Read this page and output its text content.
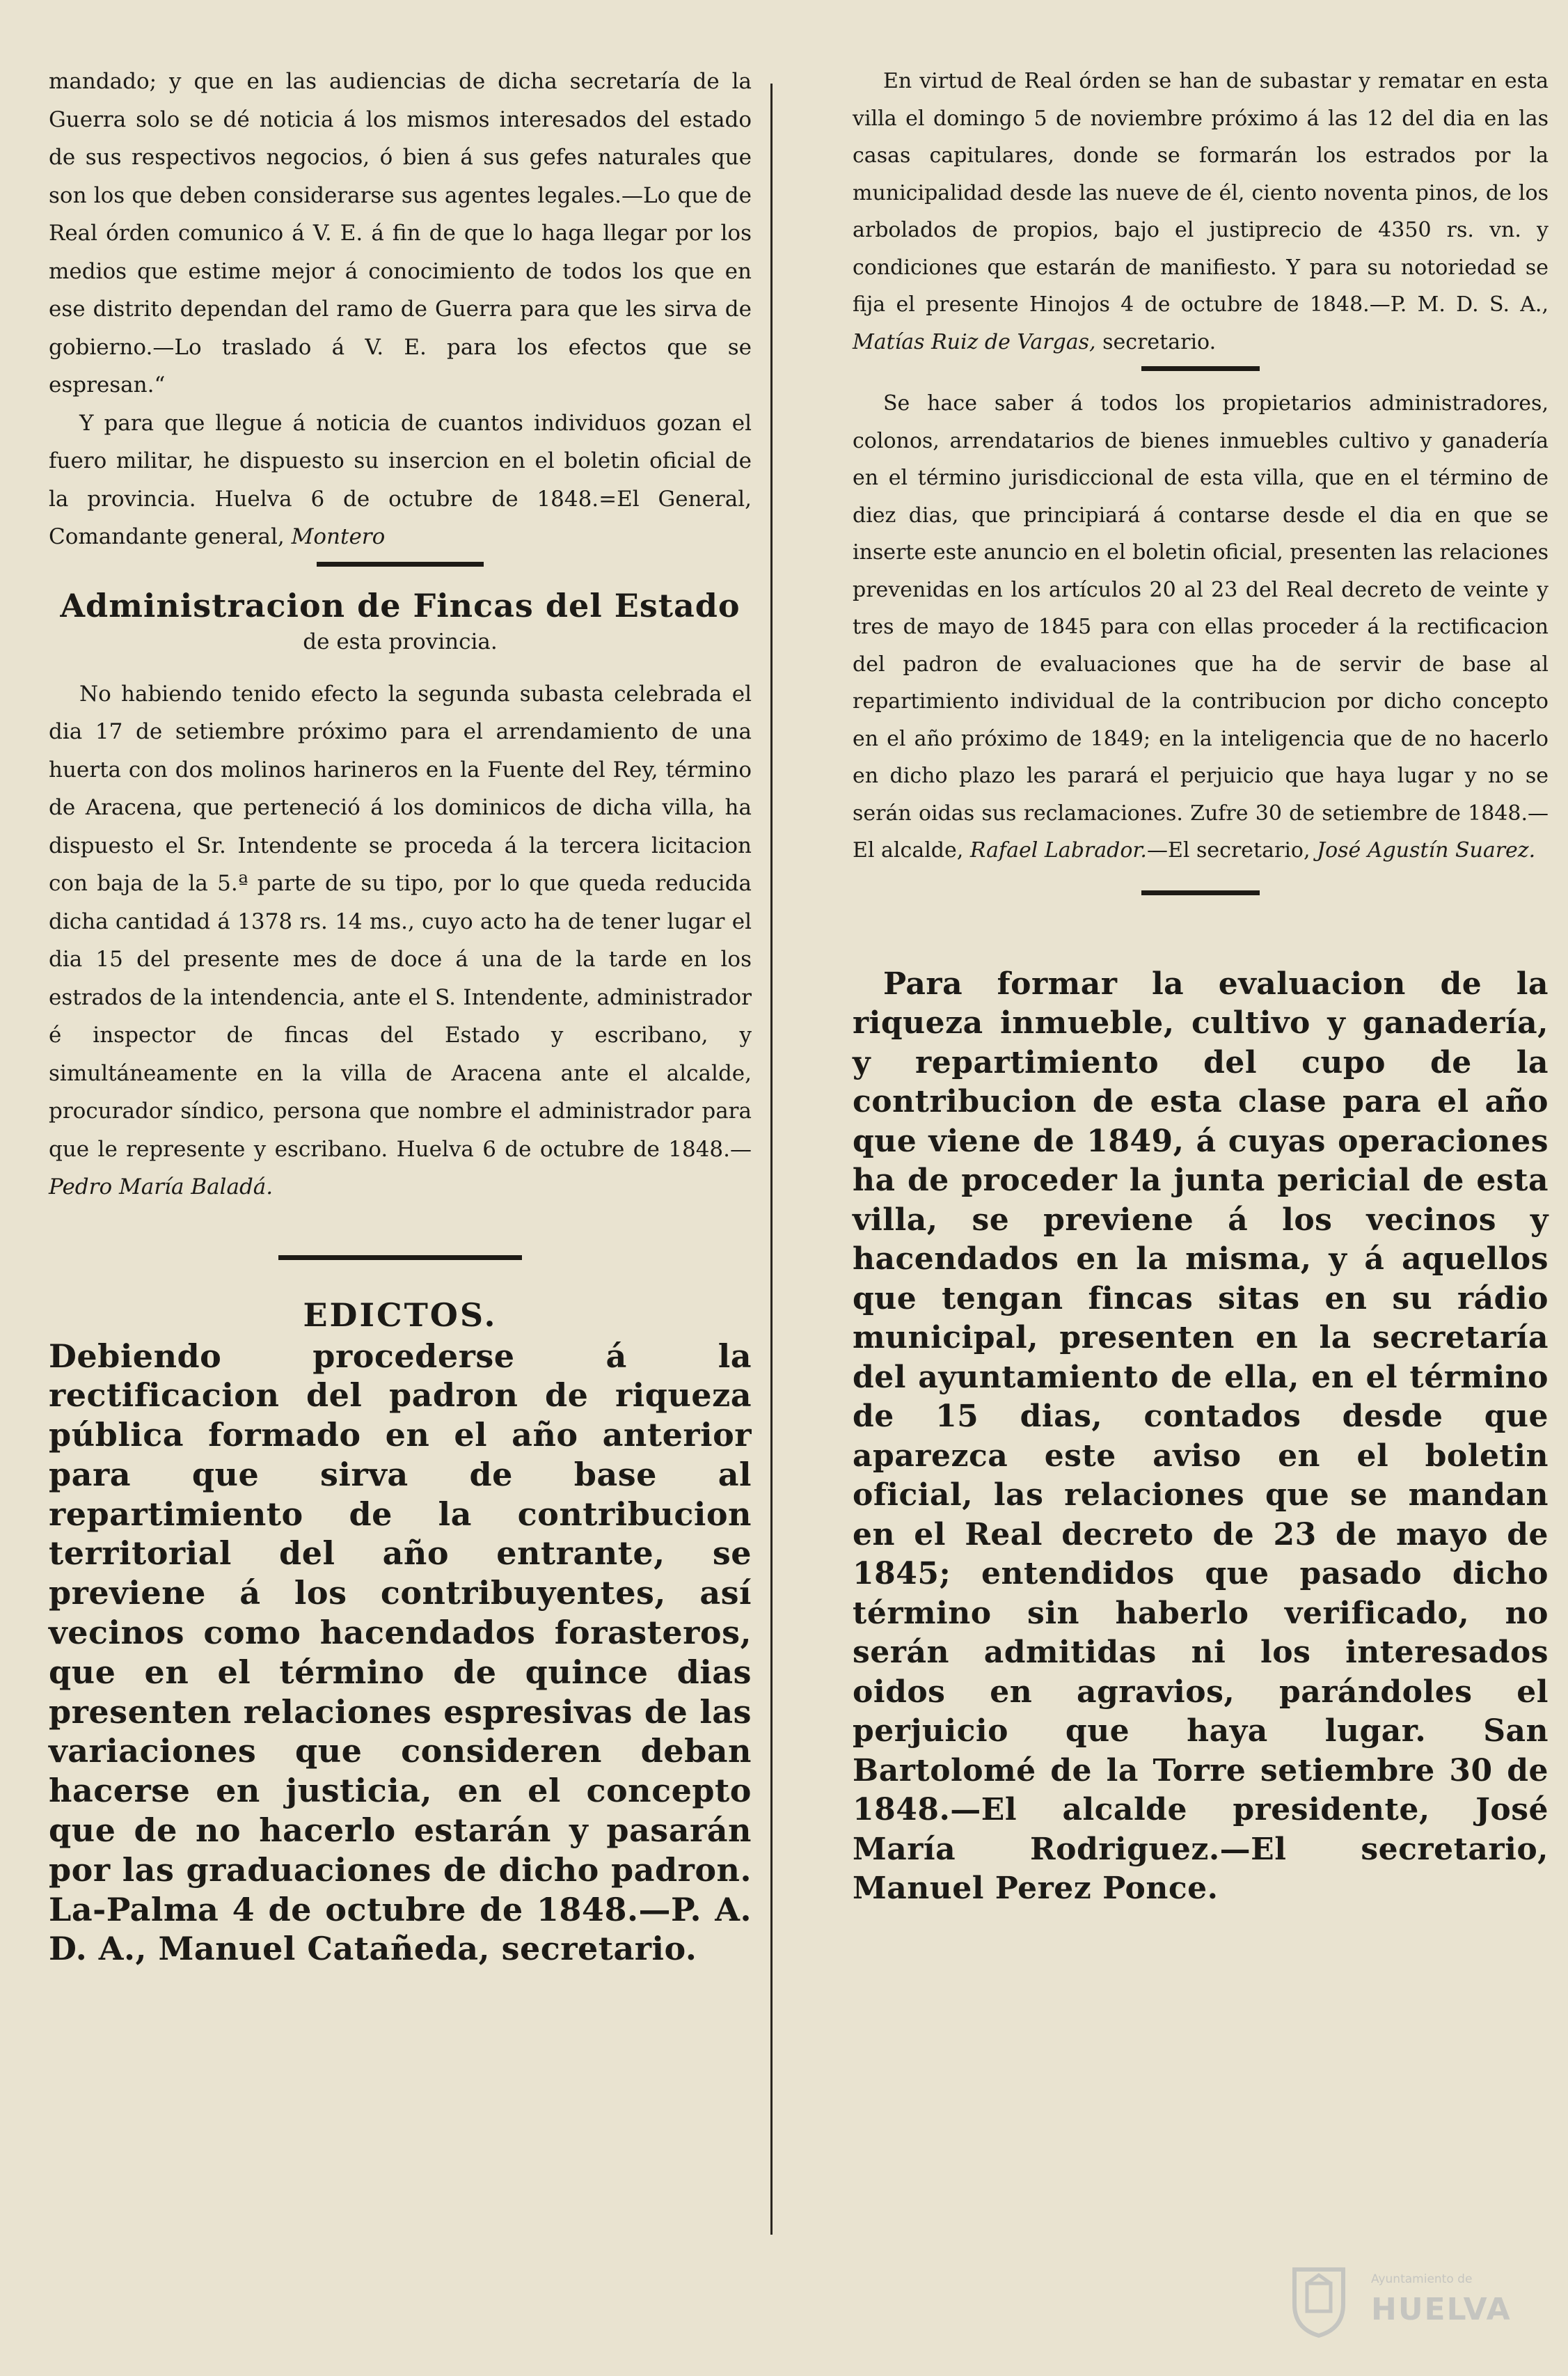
mandado; y que en las audiencias de dicha secretaría de la Guerra solo se dé noticia á los mismos interesados del estado de sus respectivos negocios, ó bien á sus gefes naturales que son los que deben considerarse sus agentes legales.—Lo que de Real órden comunico á V. E. á fin de que lo haga llegar por los medios que estime mejor á conocimiento de todos los que en ese distrito dependan del ramo de Guerra para que les sirva de gobierno.—Lo traslado á V. E. para los efectos que se espresan.“

Y para que llegue á noticia de cuantos individuos gozan el fuero militar, he dispuesto su insercion en el boletin oficial de la provincia. Huelva 6 de octubre de 1848.=El General, Comandante general, Montero

Administracion de Fincas del Estado
de esta provincia.

No habiendo tenido efecto la segunda subasta celebrada el dia 17 de setiembre próximo para el arrendamiento de una huerta con dos molinos harineros en la Fuente del Rey, término de Aracena, que perteneció á los dominicos de dicha villa, ha dispuesto el Sr. Intendente se proceda á la tercera licitacion con baja de la 5.ª parte de su tipo, por lo que queda reducida dicha cantidad á 1378 rs. 14 ms., cuyo acto ha de tener lugar el dia 15 del presente mes de doce á una de la tarde en los estrados de la intendencia, ante el S. Intendente, administrador é inspector de fincas del Estado y escribano, y simultáneamente en la villa de Aracena ante el alcalde, procurador síndico, persona que nombre el administrador para que le represente y escribano. Huelva 6 de octubre de 1848.—Pedro María Baladá.

EDICTOS.

Debiendo procederse á la rectificacion del padron de riqueza pública formado en el año anterior para que sirva de base al repartimiento de la contribucion territorial del año entrante, se previene á los contribuyentes, así vecinos como hacendados forasteros, que en el término de quince dias presenten relaciones espresivas de las variaciones que consideren deban hacerse en justicia, en el concepto que de no hacerlo estarán y pasarán por las graduaciones de dicho padron. La-Palma 4 de octubre de 1848.—P. A. D. A., Manuel Catañeda, secretario.

En virtud de Real órden se han de subastar y rematar en esta villa el domingo 5 de noviembre próximo á las 12 del dia en las casas capitulares, donde se formarán los estrados por la municipalidad desde las nueve de él, ciento noventa pinos, de los arbolados de propios, bajo el justiprecio de 4350 rs. vn. y condiciones que estarán de manifiesto. Y para su notoriedad se fija el presente Hinojos 4 de octubre de 1848.—P. M. D. S. A., Matías Ruiz de Vargas, secretario.

Se hace saber á todos los propietarios administradores, colonos, arrendatarios de bienes inmuebles cultivo y ganadería en el término jurisdiccional de esta villa, que en el término de diez dias, que principiará á contarse desde el dia en que se inserte este anuncio en el boletin oficial, presenten las relaciones prevenidas en los artículos 20 al 23 del Real decreto de veinte y tres de mayo de 1845 para con ellas proceder á la rectificacion del padron de evaluaciones que ha de servir de base al repartimiento individual de la contribucion por dicho concepto en el año próximo de 1849; en la inteligencia que de no hacerlo en dicho plazo les parará el perjuicio que haya lugar y no se serán oidas sus reclamaciones. Zufre 30 de setiembre de 1848.—El alcalde, Rafael Labrador.—El secretario, José Agustín Suarez.

Para formar la evaluacion de la riqueza inmueble, cultivo y ganadería, y repartimiento del cupo de la contribucion de esta clase para el año que viene de 1849, á cuyas operaciones ha de proceder la junta pericial de esta villa, se previene á los vecinos y hacendados en la misma, y á aquellos que tengan fincas sitas en su rádio municipal, presenten en la secretaría del ayuntamiento de ella, en el término de 15 dias, contados desde que aparezca este aviso en el boletin oficial, las relaciones que se mandan en el Real decreto de 23 de mayo de 1845; entendidos que pasado dicho término sin haberlo verificado, no serán admitidas ni los interesados oidos en agravios, parándoles el perjuicio que haya lugar. San Bartolomé de la Torre setiembre 30 de 1848.—El alcalde presidente, José María Rodriguez.—El secretario, Manuel Perez Ponce.

Ayuntamiento de
HUELVA
